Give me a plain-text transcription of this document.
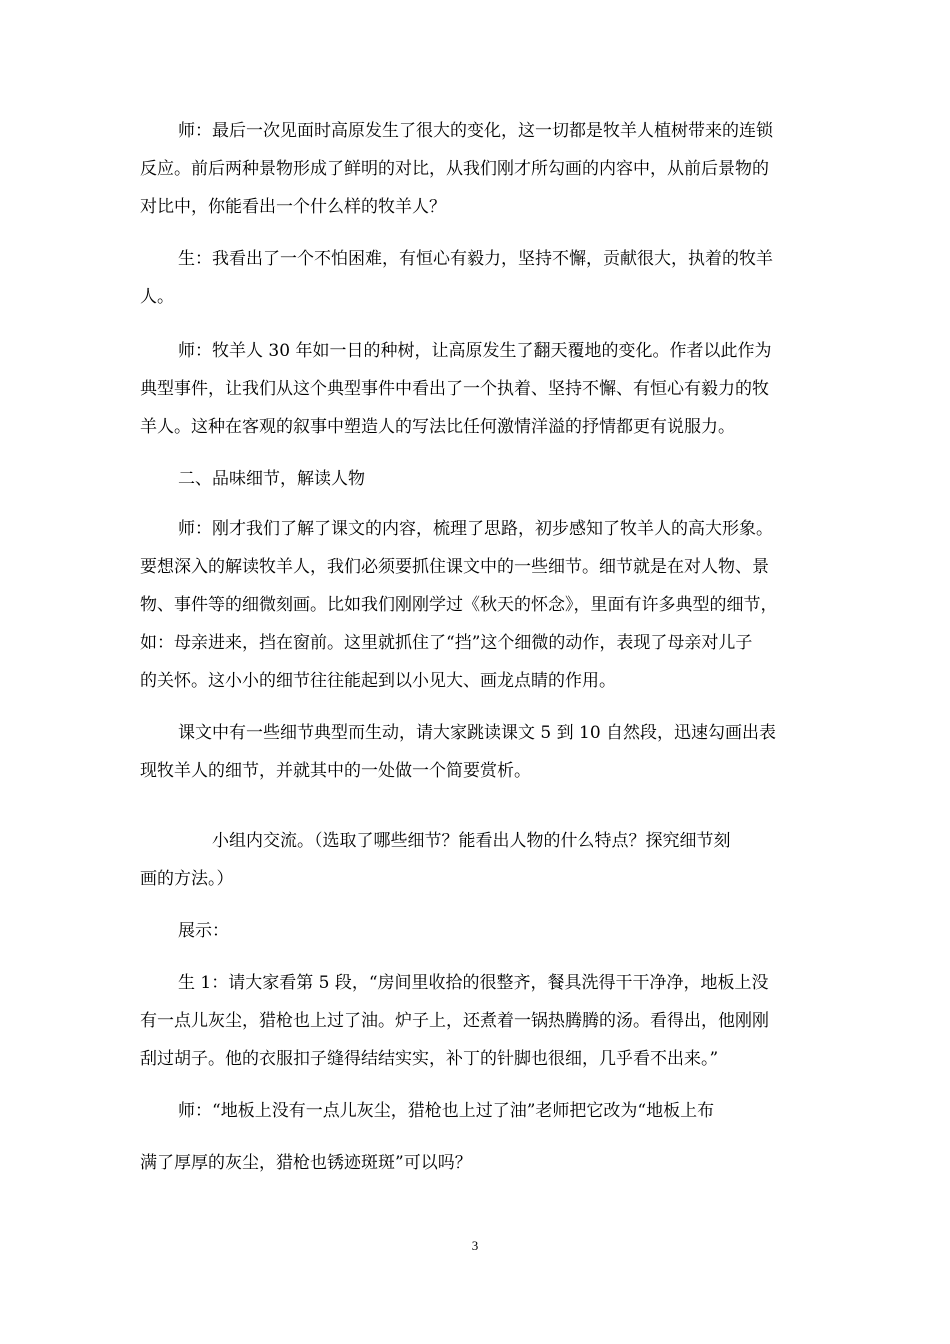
师：最后一次见面时高原发生了很大的变化，这一切都是牧羊人植树带来的连锁
反应。前后两种景物形成了鲜明的对比，从我们刚才所勾画的内容中，从前后景物的
对比中，你能看出一个什么样的牧羊人？
生：我看出了一个不怕困难，有恒心有毅力，坚持不懈，贡献很大，执着的牧羊
人。
师：牧羊人 30 年如一日的种树，让高原发生了翻天覆地的变化。作者以此作为
典型事件，让我们从这个典型事件中看出了一个执着、坚持不懈、有恒心有毅力的牧
羊人。这种在客观的叙事中塑造人的写法比任何激情洋溢的抒情都更有说服力。
二、品味细节，解读人物
师：刚才我们了解了课文的内容，梳理了思路，初步感知了牧羊人的高大形象。
要想深入的解读牧羊人，我们必须要抓住课文中的一些细节。细节就是在对人物、景
物、事件等的细微刻画。比如我们刚刚学过《秋天的怀念》，里面有许多典型的细节，
如：母亲进来，挡在窗前。这里就抓住了“挡”这个细微的动作，表现了母亲对儿子
的关怀。这小小的细节往往能起到以小见大、画龙点睛的作用。
课文中有一些细节典型而生动，请大家跳读课文 5 到 10 自然段，迅速勾画出表
现牧羊人的细节，并就其中的一处做一个简要赏析。
小组内交流。（选取了哪些细节？能看出人物的什么特点？探究细节刻
画的方法。）
展示：
生 1：请大家看第 5 段，“房间里收拾的很整齐，餐具洗得干干净净，地板上没
有一点儿灰尘，猎枪也上过了油。炉子上，还煮着一锅热腾腾的汤。看得出，他刚刚
刮过胡子。他的衣服扣子缝得结结实实，补丁的针脚也很细，几乎看不出来。”
师：“地板上没有一点儿灰尘，猎枪也上过了油”老师把它改为“地板上布
满了厚厚的灰尘，猎枪也锈迹斑斑”可以吗？
3
